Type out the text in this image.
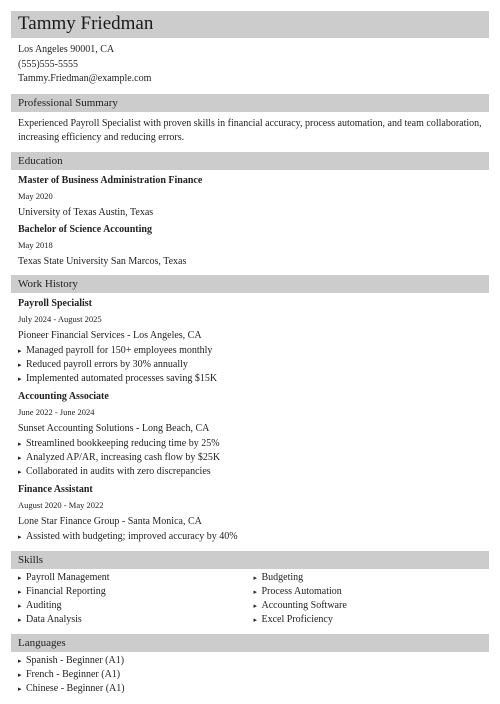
Tammy Friedman
Los Angeles 90001, CA
(555)555-5555
Tammy.Friedman@example.com
Professional Summary
Experienced Payroll Specialist with proven skills in financial accuracy, process automation, and team collaboration, increasing efficiency and reducing errors.
Education
Master of Business Administration Finance
May 2020
University of Texas Austin, Texas
Bachelor of Science Accounting
May 2018
Texas State University San Marcos, Texas
Work History
Payroll Specialist
July 2024 - August 2025
Pioneer Financial Services - Los Angeles, CA
▸ Managed payroll for 150+ employees monthly
▸ Reduced payroll errors by 30% annually
▸ Implemented automated processes saving $15K
Accounting Associate
June 2022 - June 2024
Sunset Accounting Solutions - Long Beach, CA
▸ Streamlined bookkeeping reducing time by 25%
▸ Analyzed AP/AR, increasing cash flow by $25K
▸ Collaborated in audits with zero discrepancies
Finance Assistant
August 2020 - May 2022
Lone Star Finance Group - Santa Monica, CA
▸ Assisted with budgeting; improved accuracy by 40%
Skills
▸ Payroll Management
▸ Financial Reporting
▸ Auditing
▸ Data Analysis
▸ Budgeting
▸ Process Automation
▸ Accounting Software
▸ Excel Proficiency
Languages
▸ Spanish - Beginner (A1)
▸ French - Beginner (A1)
▸ Chinese - Beginner (A1)
